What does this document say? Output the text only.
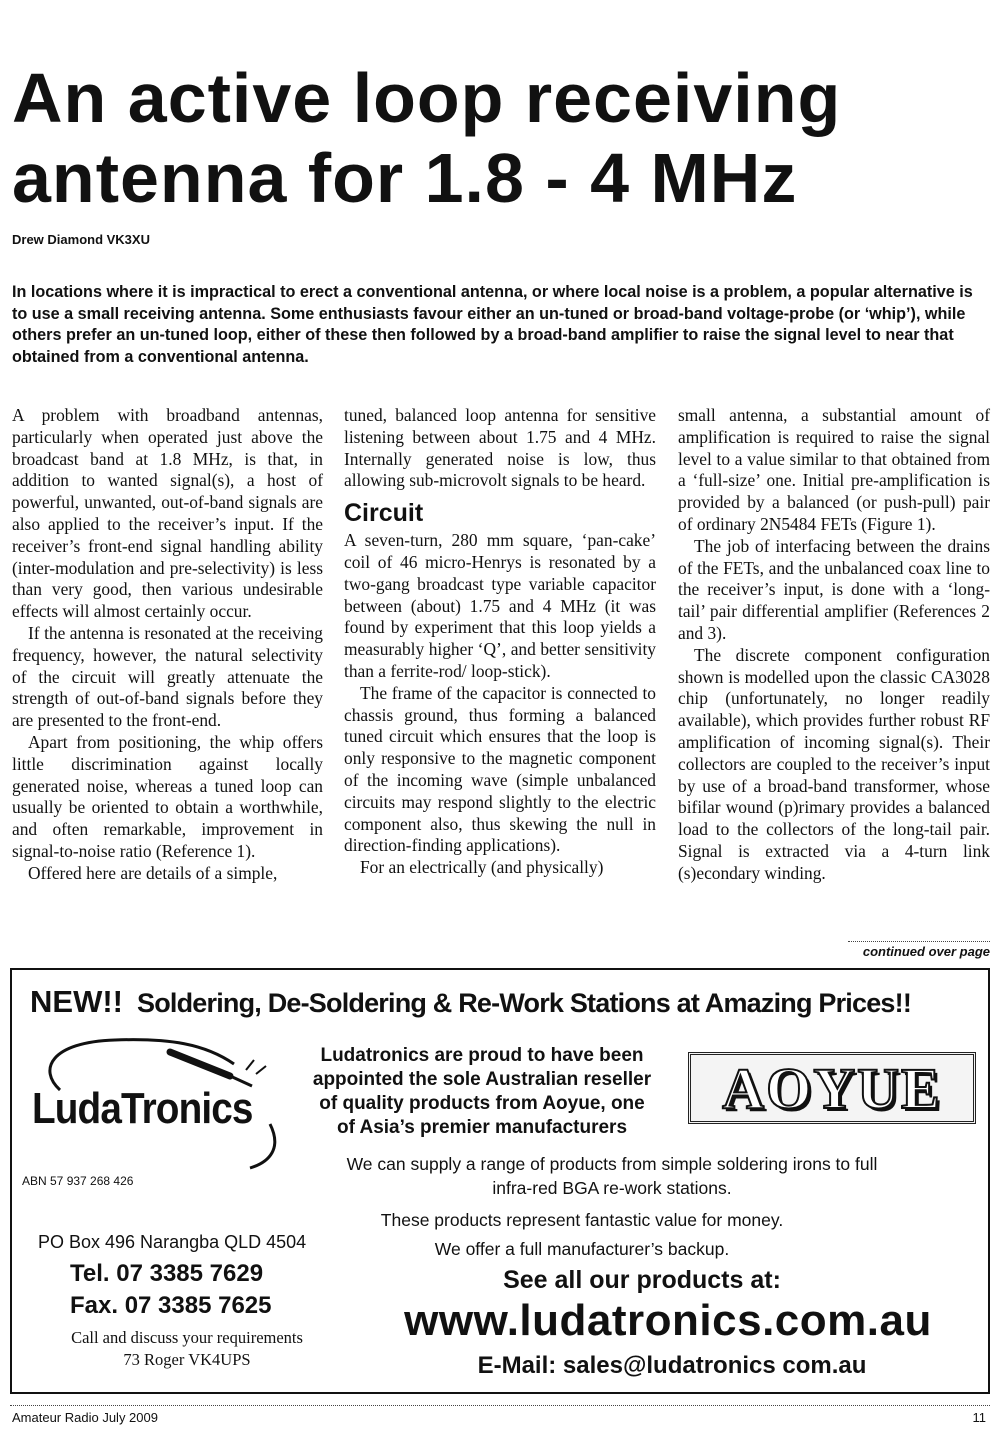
An active loop receiving
antenna for 1.8 - 4 MHz
Drew Diamond VK3XU
In locations where it is impractical to erect a conventional antenna, or where local noise is a problem, a popular alternative is to use a small receiving antenna. Some enthusiasts favour either an un-tuned or broad-band voltage-probe (or ‘whip’), while others prefer an un-tuned loop, either of these then followed by a broad-band amplifier to raise the signal level to near that obtained from a conventional antenna.

A problem with broadband antennas, particularly when operated just above the broadcast band at 1.8 MHz, is that, in addition to wanted signal(s), a host of powerful, unwanted, out-of-band signals are also applied to the receiver’s input. If the receiver’s front-end signal handling ability (inter-modulation and pre-selectivity) is less than very good, then various undesirable effects will almost certainly occur.

If the antenna is resonated at the receiving frequency, however, the natural selectivity of the circuit will greatly attenuate the strength of out-of-band signals before they are presented to the front-end.

Apart from positioning, the whip offers little discrimination against locally generated noise, whereas a tuned loop can usually be oriented to obtain a worthwhile, and often remarkable, improvement in signal-to-noise ratio (Reference 1).

Offered here are details of a simple,

tuned, balanced loop antenna for sensitive listening between about 1.75 and 4 MHz. Internally generated noise is low, thus allowing sub-microvolt signals to be heard.

Circuit

A seven-turn, 280 mm square, ‘pan-cake’ coil of 46 micro-Henrys is resonated by a two-gang broadcast type variable capacitor between (about) 1.75 and 4 MHz (it was found by experiment that this loop yields a measurably higher ‘Q’, and better sensitivity than a ferrite-rod/ loop-stick).

The frame of the capacitor is connected to chassis ground, thus forming a balanced tuned circuit which ensures that the loop is only responsive to the magnetic component of the incoming wave (simple unbalanced circuits may respond slightly to the electric component also, thus skewing the null in direction-finding applications).

For an electrically (and physically)

small antenna, a substantial amount of amplification is required to raise the signal level to a value similar to that obtained from a ‘full-size’ one. Initial pre-amplification is provided by a balanced (or push-pull) pair of ordinary 2N5484 FETs (Figure 1).

The job of interfacing between the drains of the FETs, and the unbalanced coax line to the receiver’s input, is done with a ‘long-tail’ pair differential amplifier (References 2 and 3).

The discrete component configuration shown is modelled upon the classic CA3028 chip (unfortunately, no longer readily available), which provides further robust RF amplification of incoming signal(s). Their collectors are coupled to the receiver’s input by use of a broad-band transformer, whose bifilar wound (p)rimary provides a balanced load to the collectors of the long-tail pair. Signal is extracted via a 4-turn link (s)econdary winding.

continued over page
NEW!! Soldering, De-Soldering & Re-Work Stations at Amazing Prices!!
LudaTronics
ABN 57 937 268 426
Ludatronics are proud to have been
appointed the sole Australian reseller
of quality products from Aoyue, one
of Asia’s premier manufacturers
AOYUE
We can supply a range of products from simple soldering irons to full
infra-red BGA re-work stations.
These products represent fantastic value for money.
We offer a full manufacturer’s backup.
PO Box 496 Narangba QLD 4504
Tel. 07 3385 7629
Fax. 07 3385 7625
Call and discuss your requirements
73 Roger VK4UPS
See all our products at:
www.ludatronics.com.au
E-Mail: sales@ludatronics com.au
Amateur Radio July 2009	11
